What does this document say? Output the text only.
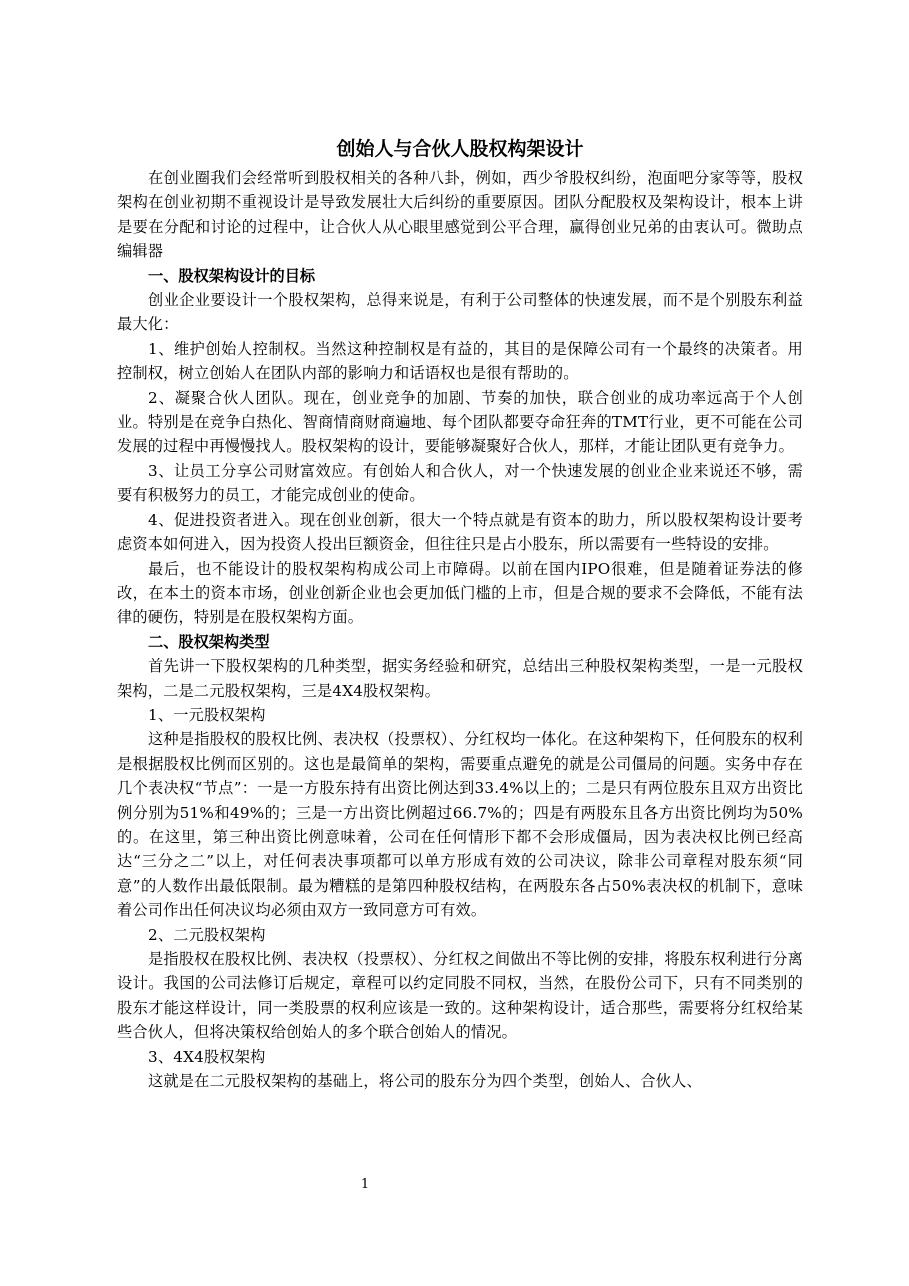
创始人与合伙人股权构架设计

在创业圈我们会经常听到股权相关的各种八卦，例如，西少爷股权纠纷，泡面吧分家等等，股权架构在创业初期不重视设计是导致发展壮大后纠纷的重要原因。团队分配股权及架构设计，根本上讲是要在分配和讨论的过程中，让合伙人从心眼里感觉到公平合理，赢得创业兄弟的由衷认可。微助点编辑器

一、股权架构设计的目标

创业企业要设计一个股权架构，总得来说是，有利于公司整体的快速发展，而不是个别股东利益最大化：

1、维护创始人控制权。当然这种控制权是有益的，其目的是保障公司有一个最终的决策者。用控制权，树立创始人在团队内部的影响力和话语权也是很有帮助的。

2、凝聚合伙人团队。现在，创业竞争的加剧、节奏的加快，联合创业的成功率远高于个人创业。特别是在竞争白热化、智商情商财商遍地、每个团队都要夺命狂奔的TMT行业，更不可能在公司发展的过程中再慢慢找人。股权架构的设计，要能够凝聚好合伙人，那样，才能让团队更有竞争力。

3、让员工分享公司财富效应。有创始人和合伙人，对一个快速发展的创业企业来说还不够，需要有积极努力的员工，才能完成创业的使命。

4、促进投资者进入。现在创业创新，很大一个特点就是有资本的助力，所以股权架构设计要考虑资本如何进入，因为投资人投出巨额资金，但往往只是占小股东，所以需要有一些特设的安排。

最后，也不能设计的股权架构构成公司上市障碍。以前在国内IPO很难，但是随着证券法的修改，在本土的资本市场，创业创新企业也会更加低门槛的上市，但是合规的要求不会降低，不能有法律的硬伤，特别是在股权架构方面。

二、股权架构类型

首先讲一下股权架构的几种类型，据实务经验和研究，总结出三种股权架构类型，一是一元股权架构，二是二元股权架构，三是4X4股权架构。

1、一元股权架构

这种是指股权的股权比例、表决权（投票权）、分红权均一体化。在这种架构下，任何股东的权利是根据股权比例而区别的。这也是最简单的架构，需要重点避免的就是公司僵局的问题。实务中存在几个表决权“节点”：一是一方股东持有出资比例达到33.4%以上的；二是只有两位股东且双方出资比例分别为51%和49%的；三是一方出资比例超过66.7%的；四是有两股东且各方出资比例均为50%的。在这里，第三种出资比例意味着，公司在任何情形下都不会形成僵局，因为表决权比例已经高达“三分之二”以上，对任何表决事项都可以单方形成有效的公司决议，除非公司章程对股东须“同意”的人数作出最低限制。最为糟糕的是第四种股权结构，在两股东各占50%表决权的机制下，意味着公司作出任何决议均必须由双方一致同意方可有效。

2、二元股权架构

是指股权在股权比例、表决权（投票权）、分红权之间做出不等比例的安排，将股东权利进行分离设计。我国的公司法修订后规定，章程可以约定同股不同权，当然，在股份公司下，只有不同类别的股东才能这样设计，同一类股票的权利应该是一致的。这种架构设计，适合那些，需要将分红权给某些合伙人，但将决策权给创始人的多个联合创始人的情况。

3、4X4股权架构

这就是在二元股权架构的基础上，将公司的股东分为四个类型，创始人、合伙人、

1
